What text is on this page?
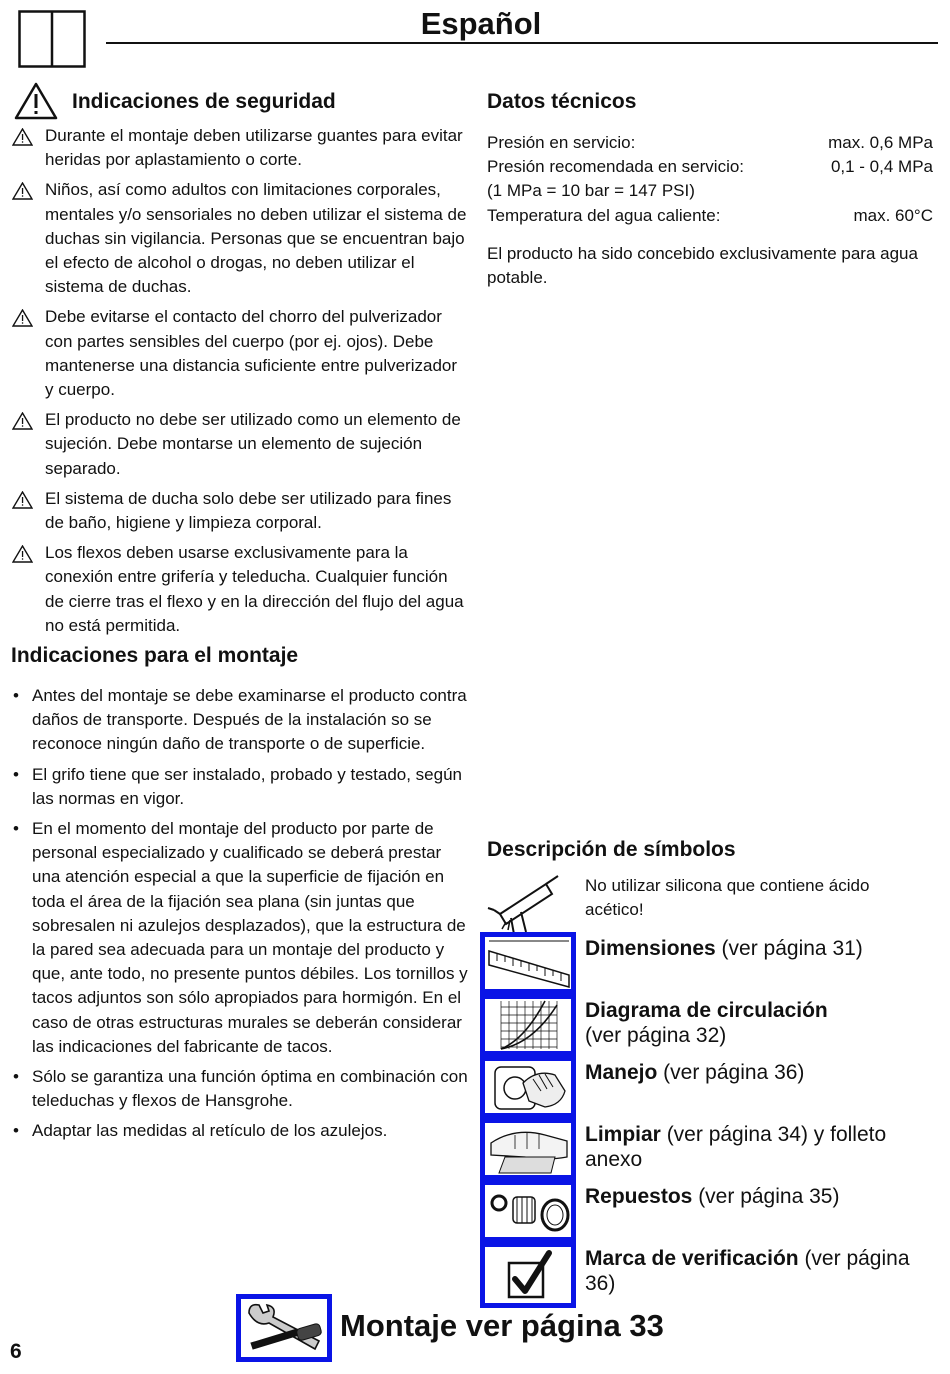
Español
Indicaciones de seguridad
Durante el montaje deben utilizarse guantes para evitar heridas por aplastamiento o corte.
Niños, así como adultos con limitaciones corporales, mentales y/o sensoriales no deben utilizar el sistema de duchas sin vigilancia. Personas que se encuentran bajo el efecto de alcohol o drogas, no deben utilizar el sistema de duchas.
Debe evitarse el contacto del chorro del pulverizador con partes sensibles del cuerpo (por ej. ojos). Debe mantenerse una distancia suficiente entre pulverizador y cuerpo.
El producto no debe ser utilizado como un elemento de sujeción. Debe montarse un elemento de sujeción separado.
El sistema de ducha solo debe ser utilizado para fines de baño, higiene y limpieza corporal.
Los flexos deben usarse exclusivamente para la conexión entre grifería y teleducha. Cualquier función de cierre tras el flexo y en la dirección del flujo del agua no está permitida.
Indicaciones para el montaje
• Antes del montaje se debe examinarse el producto contra daños de transporte. Después de la instalación so se reconoce ningún daño de transporte o de superficie.
• El grifo tiene que ser instalado, probado y testado, según las normas en vigor.
• En el momento del montaje del producto por parte de personal especializado y cualificado se deberá prestar una atención especial a que la superficie de fijación en toda el área de la fijación sea plana (sin juntas que sobresalen ni azulejos desplazados), que la estructura de la pared sea adecuada para un montaje del producto y que, ante todo, no presente puntos débiles. Los tornillos y tacos adjuntos son sólo apropiados para hormigón. En el caso de otras estructuras murales se deberán considerar las indicaciones del fabricante de tacos.
• Sólo se garantiza una función óptima en combinación con teleduchas y flexos de Hansgrohe.
• Adaptar las medidas al retículo de los azulejos.
Datos técnicos
Presión en servicio:	max. 0,6 MPa
Presión recomendada en servicio:	0,1 - 0,4 MPa
(1 MPa = 10 bar = 147 PSI)
Temperatura del agua caliente:	max. 60°C
El producto ha sido concebido exclusivamente para agua potable.
Descripción de símbolos
No utilizar silicona que contiene ácido acético!
Dimensiones (ver página 31)
Diagrama de circulación
(ver página 32)
Manejo (ver página 36)
Limpiar (ver página 34) y folleto anexo
Repuestos (ver página 35)
Marca de verificación (ver página 36)
Montaje ver página 33
6
